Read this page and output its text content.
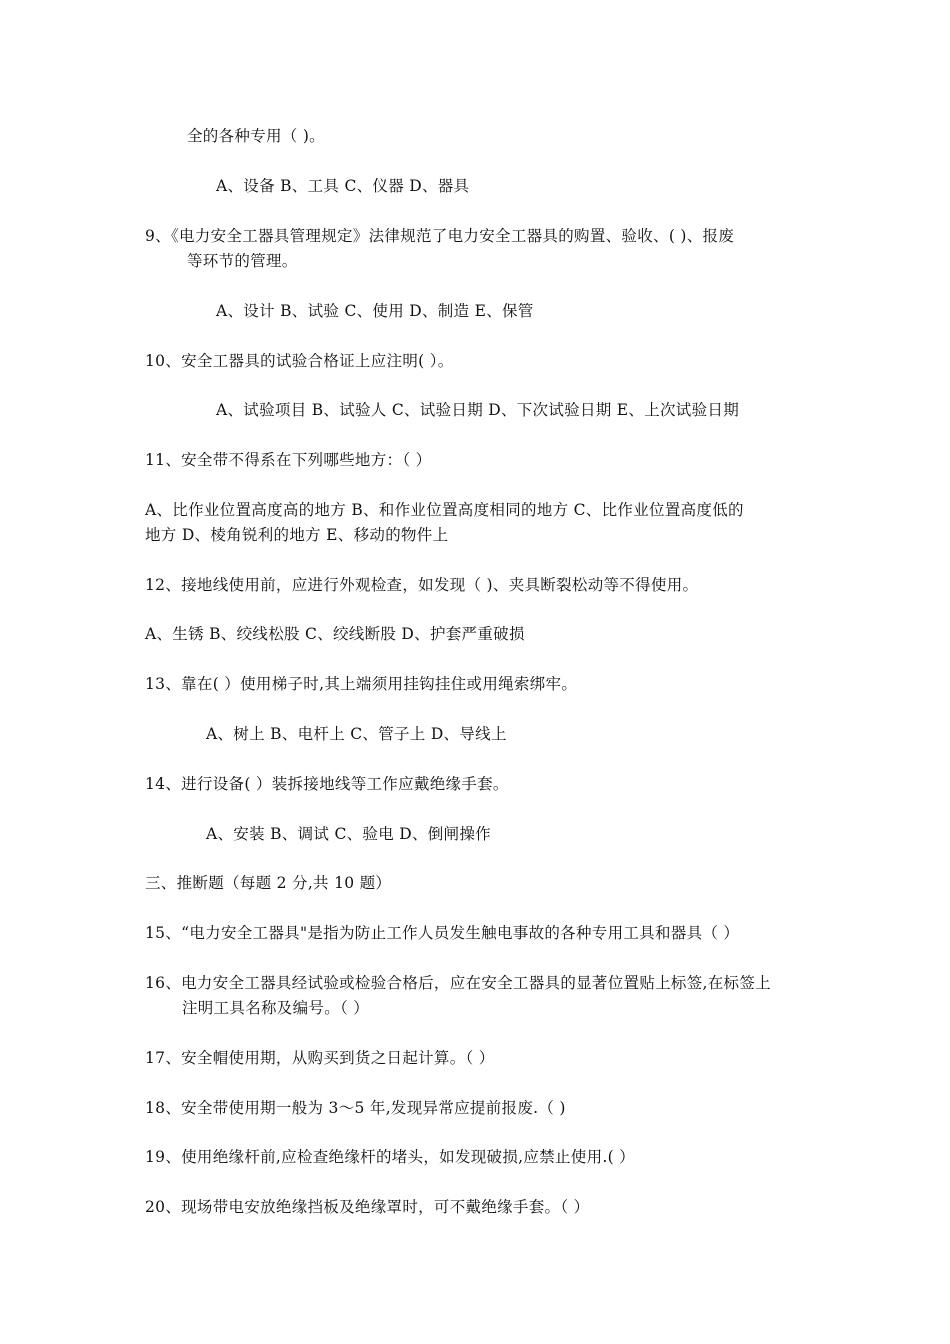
全的各种专用（ )。
A、设备 B、工具 C、仪器 D、器具
9、《电力安全工器具管理规定》法律规范了电力安全工器具的购置、验收、( )、报废
等环节的管理。
A、设计 B、试验 C、使用 D、制造 E、保管
10、安全工器具的试验合格证上应注明( ）。
A、试验项目 B、试验人 C、试验日期 D、下次试验日期 E、上次试验日期
11、安全带不得系在下列哪些地方：（ ）
A、比作业位置高度高的地方 B、和作业位置高度相同的地方 C、比作业位置高度低的
地方 D、棱角锐利的地方 E、移动的物件上
12、接地线使用前，应进行外观检查，如发现（ )、夹具断裂松动等不得使用。
A、生锈 B、绞线松股 C、绞线断股 D、护套严重破损
13、靠在( ）使用梯子时,其上端须用挂钩挂住或用绳索绑牢。
A、树上 B、电杆上 C、管子上 D、导线上
14、进行设备( ）装拆接地线等工作应戴绝缘手套。
A、安装 B、调试 C、验电 D、倒闸操作
三、推断题（每题 2 分,共 10 题）
15、“电力安全工器具"是指为防止工作人员发生触电事故的各种专用工具和器具（ ）
16、电力安全工器具经试验或检验合格后，应在安全工器具的显著位置贴上标签,在标签上
注明工具名称及编号。（ ）
17、安全帽使用期，从购买到货之日起计算。（ ）
18、安全带使用期一般为 3～5 年,发现异常应提前报废.（ )
19、使用绝缘杆前,应检查绝缘杆的堵头，如发现破损,应禁止使用.( ）
20、现场带电安放绝缘挡板及绝缘罩时，可不戴绝缘手套。（ ）
